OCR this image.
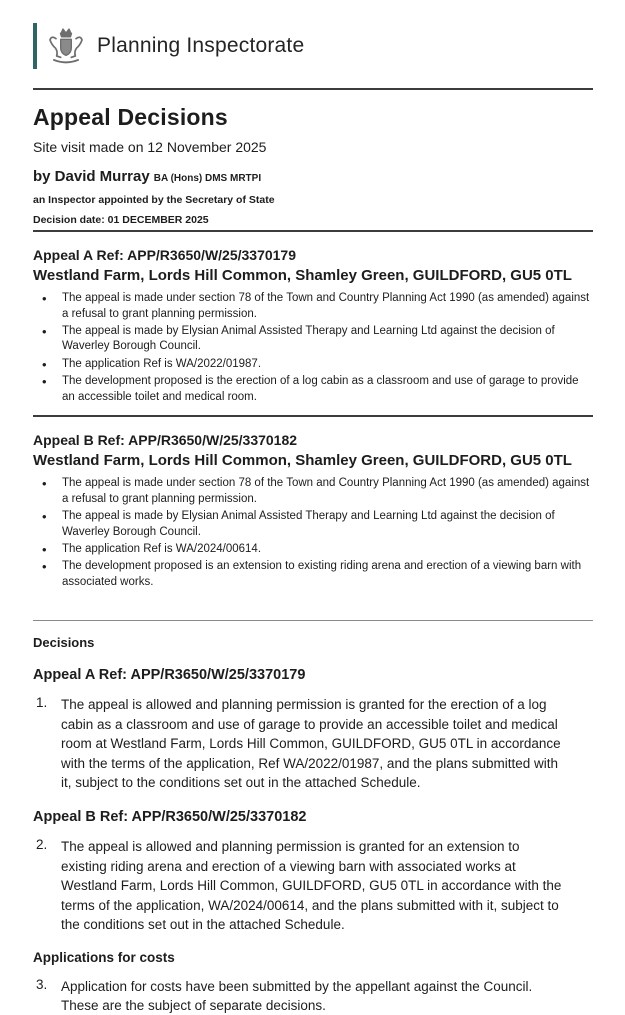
Planning Inspectorate
Appeal Decisions

Site visit made on 12 November 2025

by David Murray BA (Hons) DMS MRTPI

an Inspector appointed by the Secretary of State

Decision date: 01 DECEMBER 2025

Appeal A Ref: APP/R3650/W/25/3370179
Westland Farm, Lords Hill Common, Shamley Green, GUILDFORD, GU5 0TL
• The appeal is made under section 78 of the Town and Country Planning Act 1990 (as amended) against a refusal to grant planning permission.
• The appeal is made by Elysian Animal Assisted Therapy and Learning Ltd against the decision of Waverley Borough Council.
• The application Ref is WA/2022/01987.
• The development proposed is the erection of a log cabin as a classroom and use of garage to provide an accessible toilet and medical room.
Appeal B Ref: APP/R3650/W/25/3370182
Westland Farm, Lords Hill Common, Shamley Green, GUILDFORD, GU5 0TL
• The appeal is made under section 78 of the Town and Country Planning Act 1990 (as amended) against a refusal to grant planning permission.
• The appeal is made by Elysian Animal Assisted Therapy and Learning Ltd against the decision of Waverley Borough Council.
• The application Ref is WA/2024/00614.
• The development proposed is an extension to existing riding arena and erection of a viewing barn with associated works.
Decisions
Appeal A Ref: APP/R3650/W/25/3370179
1.	The appeal is allowed and planning permission is granted for the erection of a log cabin as a classroom and use of garage to provide an accessible toilet and medical room at Westland Farm, Lords Hill Common, GUILDFORD, GU5 0TL in accordance with the terms of the application, Ref WA/2022/01987, and the plans submitted with it, subject to the conditions set out in the attached Schedule.

Appeal B Ref: APP/R3650/W/25/3370182
2.	The appeal is allowed and planning permission is granted for an extension to existing riding arena and erection of a viewing barn with associated works at Westland Farm, Lords Hill Common, GUILDFORD, GU5 0TL in accordance with the terms of the application, WA/2024/00614, and the plans submitted with it, subject to the conditions set out in the attached Schedule.

Applications for costs
3.	Application for costs have been submitted by the appellant against the Council. These are the subject of separate decisions.
